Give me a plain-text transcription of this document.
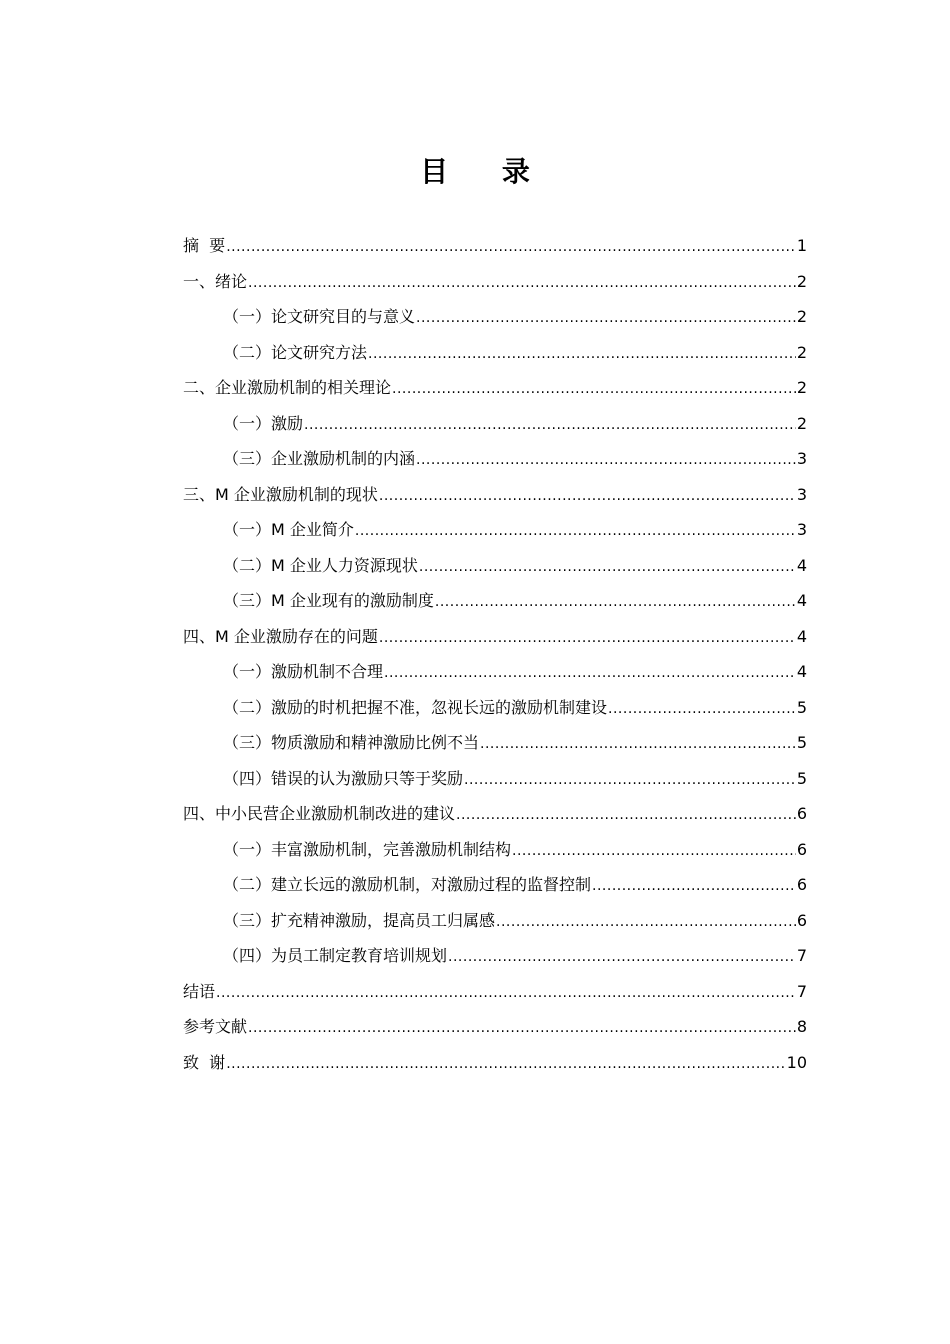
目 录
摘  要 .....	1
一、绪论 .....	2
（一）论文研究目的与意义 .....	2
（二）论文研究方法 .....	2
二、企业激励机制的相关理论 .....	2
（一）激励 .....	2
（三）企业激励机制的内涵 .....	3
三、M 企业激励机制的现状 .....	3
（一）M 企业简介 .....	3
（二）M 企业人力资源现状 .....	4
（三）M 企业现有的激励制度 .....	4
四、M 企业激励存在的问题 .....	4
（一）激励机制不合理 .....	4
（二）激励的时机把握不准，忽视长远的激励机制建设 .....	5
（三）物质激励和精神激励比例不当 .....	5
（四）错误的认为激励只等于奖励 .....	5
四、中小民营企业激励机制改进的建议 .....	6
（一）丰富激励机制，完善激励机制结构 .....	6
（二）建立长远的激励机制，对激励过程的监督控制 .....	6
（三）扩充精神激励，提高员工归属感 .....	6
（四）为员工制定教育培训规划 .....	7
结语 .....	7
参考文献 .....	8
致  谢 .....	10
